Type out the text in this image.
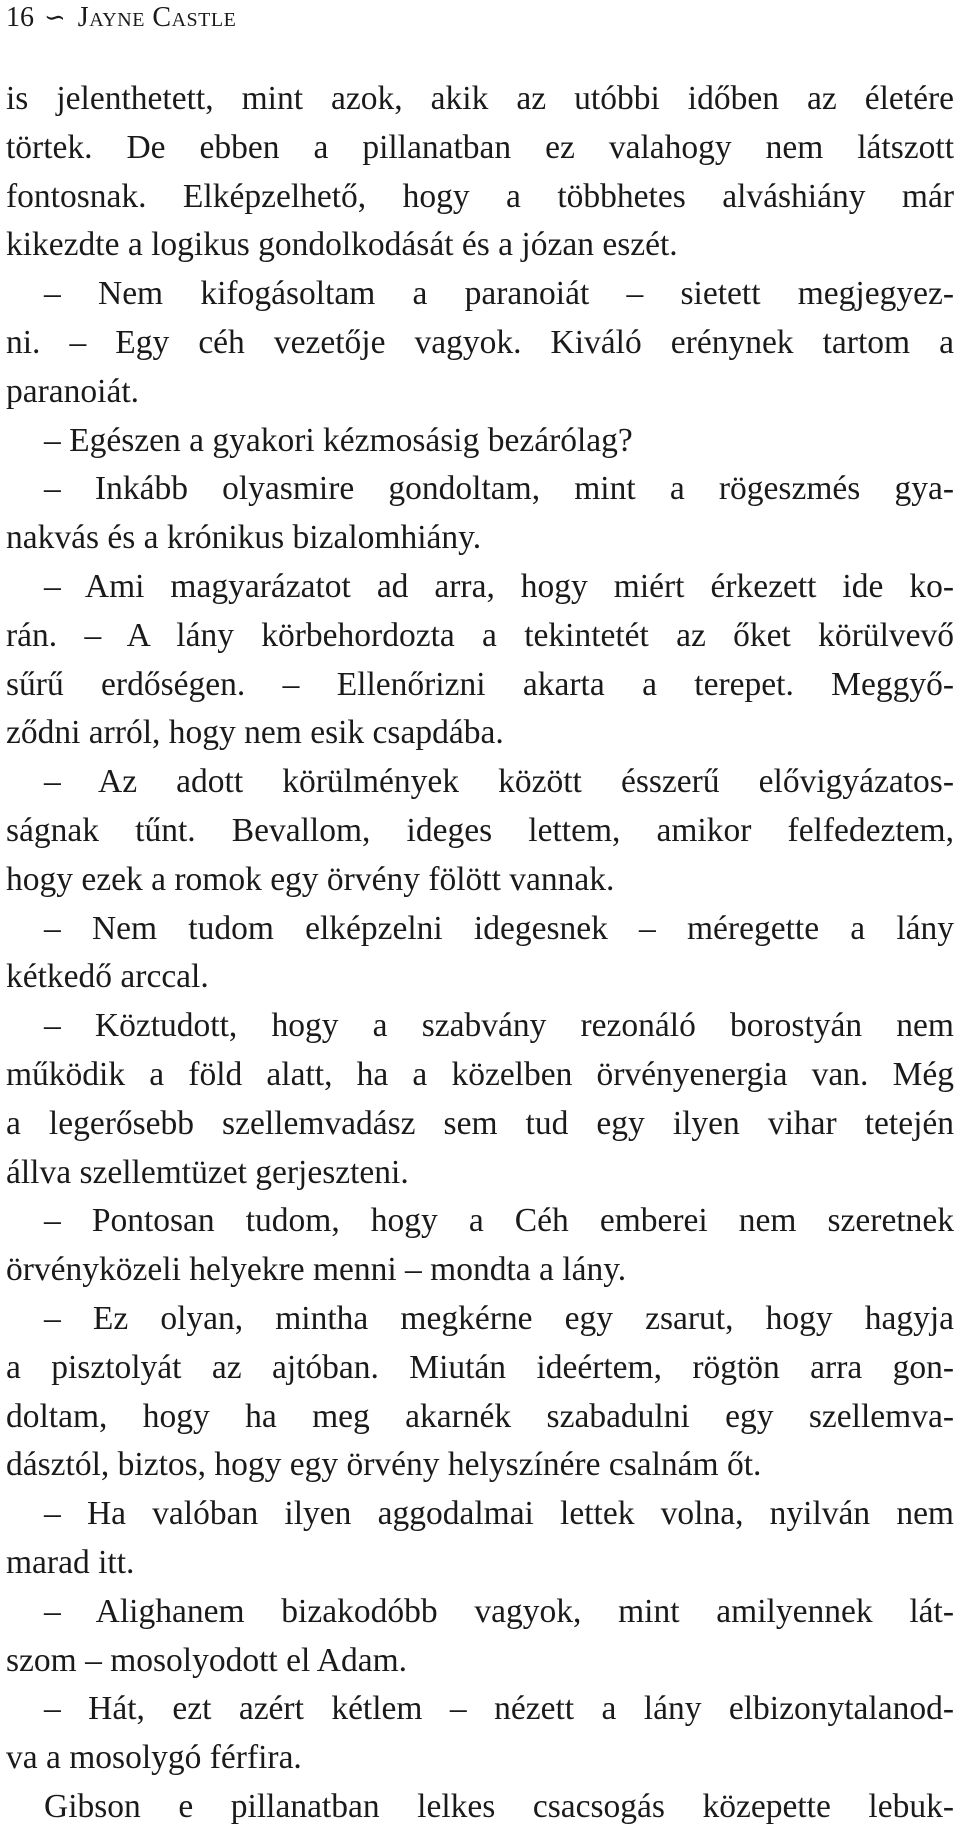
16 ∽ Jayne Castle
is jelenthetett, mint azok, akik az utóbbi időben az életére
törtek. De ebben a pillanatban ez valahogy nem látszott
fontosnak. Elképzelhető, hogy a többhetes alváshiány már
kikezdte a logikus gondolkodását és a józan eszét.
– Nem kifogásoltam a paranoiát – sietett megjegyez-
ni. – Egy céh vezetője vagyok. Kiváló erénynek tartom a
paranoiát.
– Egészen a gyakori kézmosásig bezárólag?
– Inkább olyasmire gondoltam, mint a rögeszmés gya-
nakvás és a krónikus bizalomhiány.
– Ami magyarázatot ad arra, hogy miért érkezett ide ko-
rán. – A lány körbehordozta a tekintetét az őket körülvevő
sűrű erdőségen. – Ellenőrizni akarta a terepet. Meggyő-
ződni arról, hogy nem esik csapdába.
– Az adott körülmények között ésszerű elővigyázatos-
ságnak tűnt. Bevallom, ideges lettem, amikor felfedeztem,
hogy ezek a romok egy örvény fölött vannak.
– Nem tudom elképzelni idegesnek – méregette a lány
kétkedő arccal.
– Köztudott, hogy a szabvány rezonáló borostyán nem
működik a föld alatt, ha a közelben örvényenergia van. Még
a legerősebb szellemvadász sem tud egy ilyen vihar tetején
állva szellemtüzet gerjeszteni.
– Pontosan tudom, hogy a Céh emberei nem szeretnek
örvényközeli helyekre menni – mondta a lány.
– Ez olyan, mintha megkérne egy zsarut, hogy hagyja
a pisztolyát az ajtóban. Miután ideértem, rögtön arra gon-
doltam, hogy ha meg akarnék szabadulni egy szellemva-
dásztól, biztos, hogy egy örvény helyszínére csalnám őt.
– Ha valóban ilyen aggodalmai lettek volna, nyilván nem
marad itt.
– Alighanem bizakodóbb vagyok, mint amilyennek lát-
szom – mosolyodott el Adam.
– Hát, ezt azért kétlem – nézett a lány elbizonytalanod-
va a mosolygó férfira.
Gibson e pillanatban lelkes csacsogás közepette lebuk-
